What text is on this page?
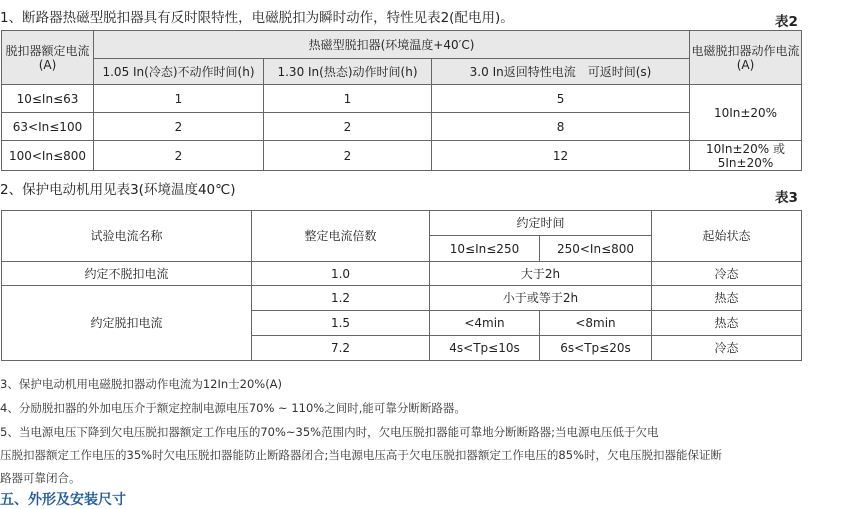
1、断路器热磁型脱扣器具有反时限特性，电磁脱扣为瞬时动作，特性见表2(配电用)。	表2
脱扣器额定电流(A)	热磁型脱扣器(环境温度+40′C)			电磁脱扣器动作电流(A)
	1.05 In(冷态)不动作时间(h)	1.30 In(热态)动作时间(h)	3.0 In返回特性电流　可返时间(s)	
10≤In≤63	1	1	5	10In±20%
63<In≤100	2	2	8	
100<In≤800	2	2	12	10In±20% 或
5In±20%
2、保护电动机用见表3(环境温度40℃)	表3
试验电流名称	整定电流倍数	约定时间		起始状态
		10≤In≤250	250<In≤800	
约定不脱扣电流	1.0	大于2h		冷态
约定脱扣电流	1.2	小于或等于2h		热态
	1.5	<4min	<8min	热态
	7.2	4s<Tp≤10s	6s<Tp≤20s	冷态
3、保护电动机用电磁脱扣器动作电流为12In士20%(A)
4、分励脱扣器的外加电压介于额定控制电源电压70% ~ 110%之间时,能可靠分断断路器。
5、当电源电压下降到欠电压脱扣器额定工作电压的70%~35%范围内时，欠电压脱扣器能可靠地分断断路器;当电源电压低于欠电
压脱扣器额定工作电压的35%时欠电压脱扣器能防止断路器闭合;当电源电压高于欠电压脱扣器额定工作电压的85%时，欠电压脱扣器能保证断
路器可靠闭合。
五、外形及安装尺寸
